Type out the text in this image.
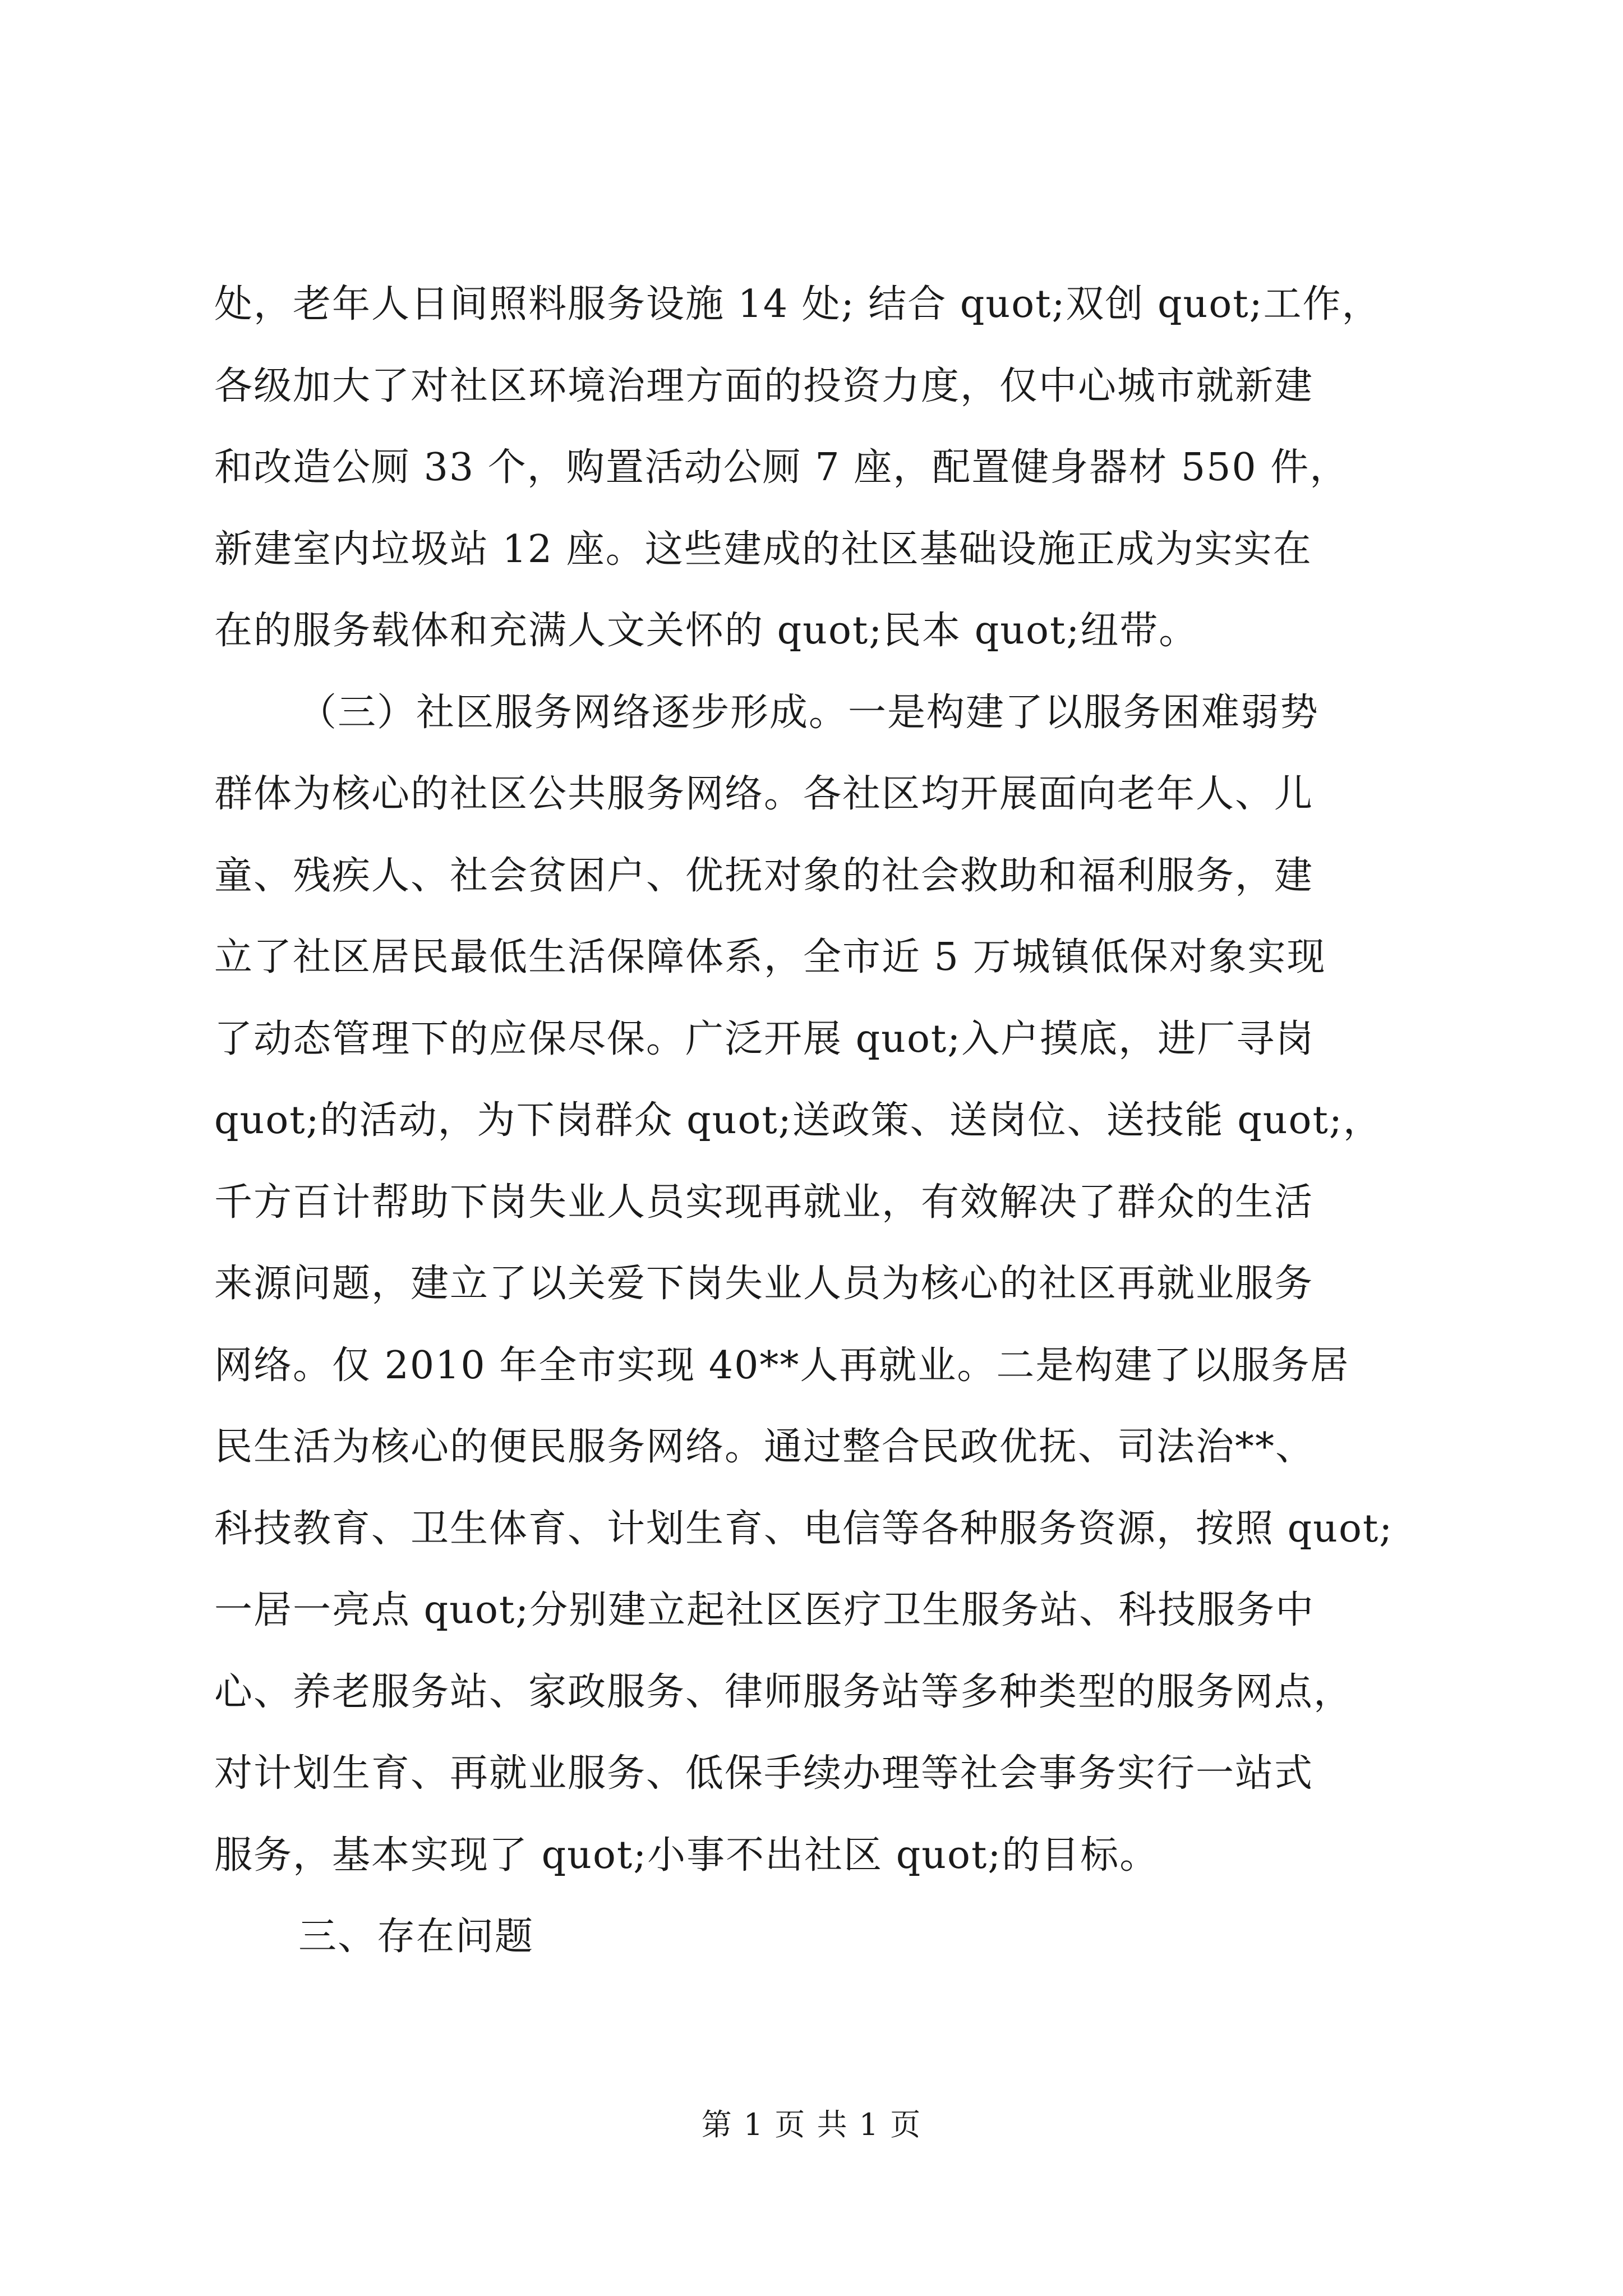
处，老年人日间照料服务设施 14 处; 结合 quot;双创 quot;工作，
各级加大了对社区环境治理方面的投资力度，仅中心城市就新建
和改造公厕 33 个，购置活动公厕 7 座，配置健身器材 550 件，
新建室内垃圾站 12 座。这些建成的社区基础设施正成为实实在
在的服务载体和充满人文关怀的 quot;民本 quot;纽带。
（三）社区服务网络逐步形成。一是构建了以服务困难弱势
群体为核心的社区公共服务网络。各社区均开展面向老年人、儿
童、残疾人、社会贫困户、优抚对象的社会救助和福利服务，建
立了社区居民最低生活保障体系，全市近 5 万城镇低保对象实现
了动态管理下的应保尽保。广泛开展 quot;入户摸底，进厂寻岗
quot;的活动，为下岗群众 quot;送政策、送岗位、送技能 quot;，
千方百计帮助下岗失业人员实现再就业，有效解决了群众的生活
来源问题，建立了以关爱下岗失业人员为核心的社区再就业服务
网络。仅 2010 年全市实现 40**人再就业。二是构建了以服务居
民生活为核心的便民服务网络。通过整合民政优抚、司法治**、
科技教育、卫生体育、计划生育、电信等各种服务资源，按照 quot;
一居一亮点 quot;分别建立起社区医疗卫生服务站、科技服务中
心、养老服务站、家政服务、律师服务站等多种类型的服务网点，
对计划生育、再就业服务、低保手续办理等社会事务实行一站式
服务，基本实现了 quot;小事不出社区 quot;的目标。
三、存在问题
第 1 页 共 1 页
